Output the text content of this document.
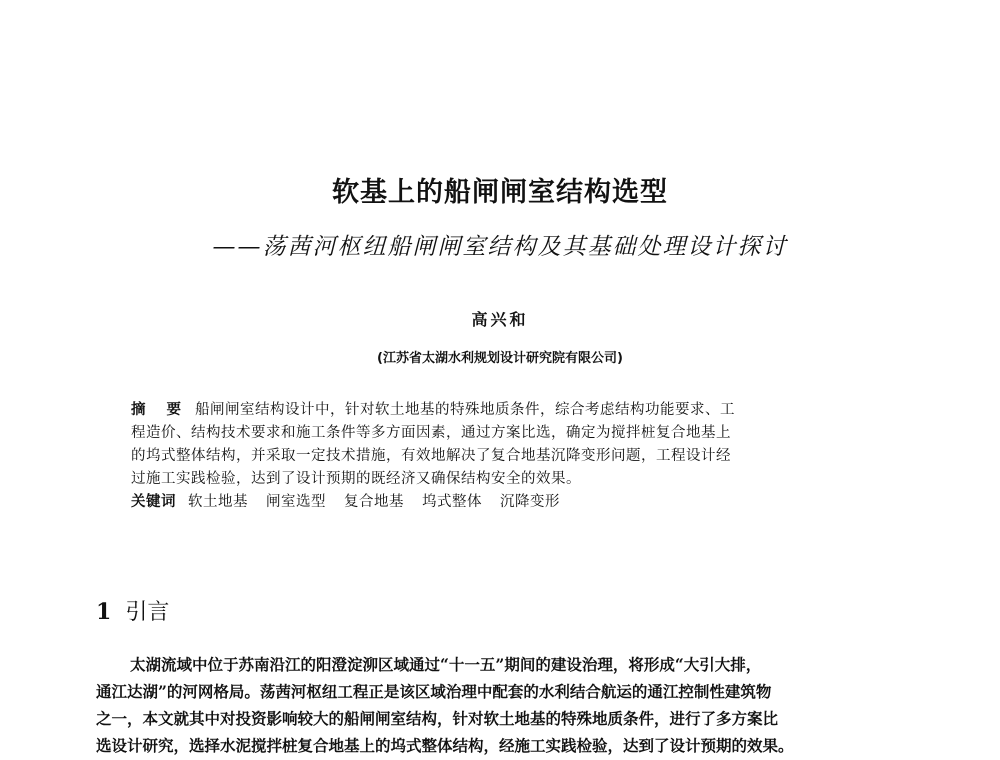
软基上的船闸闸室结构选型
——荡茜河枢纽船闸闸室结构及其基础处理设计探讨
高兴和
(江苏省太湖水利规划设计研究院有限公司)
摘 要 船闸闸室结构设计中，针对软土地基的特殊地质条件，综合考虑结构功能要求、工
程造价、结构技术要求和施工条件等多方面因素，通过方案比选，确定为搅拌桩复合地基上
的坞式整体结构，并采取一定技术措施，有效地解决了复合地基沉降变形问题，工程设计经
过施工实践检验，达到了设计预期的既经济又确保结构安全的效果。
关键词 软土地基 闸室选型 复合地基 坞式整体 沉降变形
1 引言
太湖流域中位于苏南沿江的阳澄淀泖区域通过“十一五”期间的建设治理，将形成“大引大排，
通江达湖”的河网格局。荡茜河枢纽工程正是该区域治理中配套的水利结合航运的通江控制性建筑物
之一，本文就其中对投资影响较大的船闸闸室结构，针对软土地基的特殊地质条件，进行了多方案比
选设计研究，选择水泥搅拌桩复合地基上的坞式整体结构，经施工实践检验，达到了设计预期的效果。
